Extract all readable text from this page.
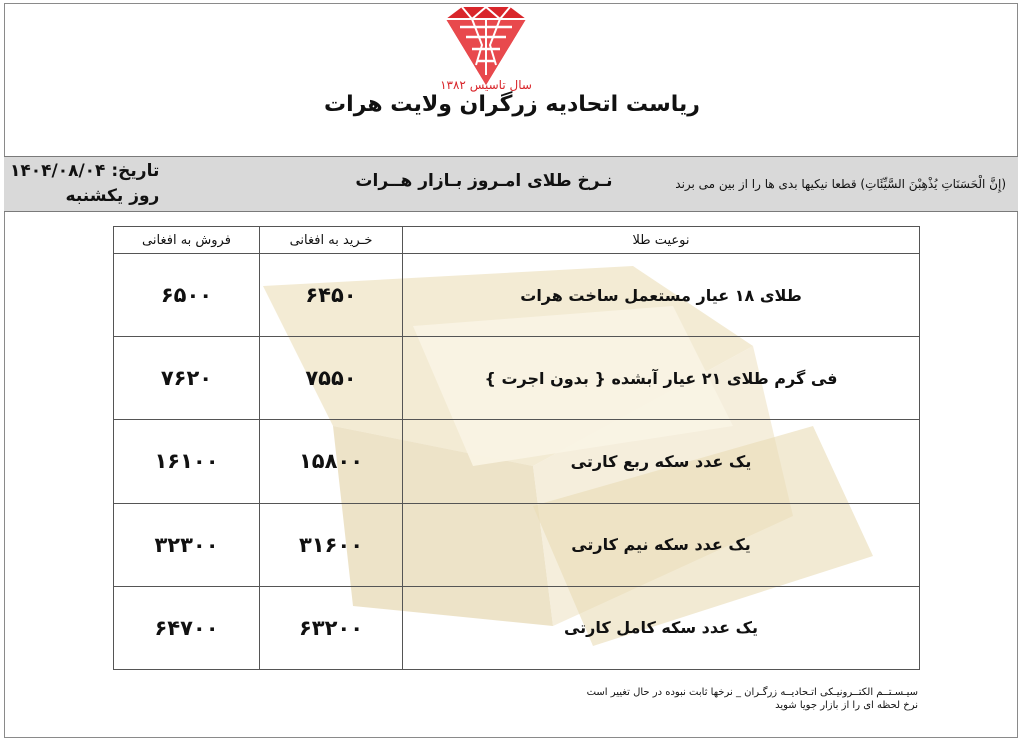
سال تاسیس ۱۳۸۲
ریاست اتحادیه زرگران ولایت هرات
(إِنَّ الْحَسَنَاتِ يُذْهِبْنَ السَّيِّئَاتِ) قطعا نیکیها بدی ها را از بین می برند
نـرخ طلای امـروز بـازار هــرات
تاریخ: ۱۴۰۴/۰۸/۰۴
روز یکشنبه
نوعیت طلا	خـرید به افغانی	فروش به افغانی
طلای ۱۸ عیار مستعمل ساخت هرات	۶۴۵۰	۶۵۰۰
فی گرم طلای ۲۱ عیار آبشده { بدون اجرت }	۷۵۵۰	۷۶۲۰
یک عدد سکه ربع کارتی	۱۵۸۰۰	۱۶۱۰۰
یک عدد سکه نیم کارتی	۳۱۶۰۰	۳۲۳۰۰
یک عدد سکه کامل کارتی	۶۳۲۰۰	۶۴۷۰۰
سیـسـتــم الکتــرونیـکی اتـحادیــه زرگـران _ نرخها ثابت نبوده در حال تغییر است
نرخ لحظه ای را از بازار جویا شوید
